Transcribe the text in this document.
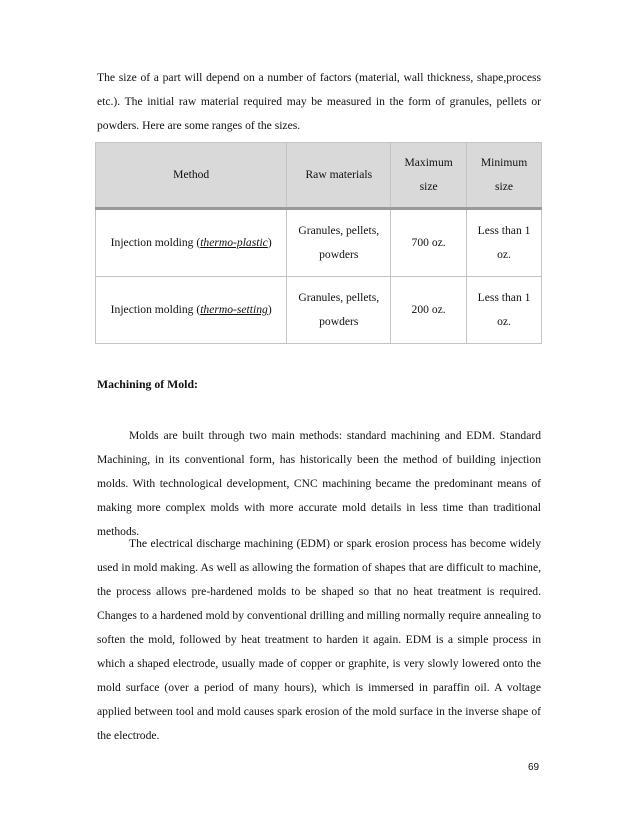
The size of a part will depend on a number of factors (material, wall thickness, shape,process etc.). The initial raw material required may be measured in the form of granules, pellets or powders. Here are some ranges of the sizes.

Method	Raw materials	Maximum size	Minimum size
Injection molding (thermo-plastic)	Granules, pellets, powders	700 oz.	Less than 1 oz.
Injection molding (thermo-setting)	Granules, pellets, powders	200 oz.	Less than 1 oz.
Machining of Mold:

Molds are built through two main methods: standard machining and EDM. Standard Machining, in its conventional form, has historically been the method of building injection molds. With technological development, CNC machining became the predominant means of making more complex molds with more accurate mold details in less time than traditional methods.

The electrical discharge machining (EDM) or spark erosion process has become widely used in mold making. As well as allowing the formation of shapes that are difficult to machine, the process allows pre-hardened molds to be shaped so that no heat treatment is required. Changes to a hardened mold by conventional drilling and milling normally require annealing to soften the mold, followed by heat treatment to harden it again. EDM is a simple process in which a shaped electrode, usually made of copper or graphite, is very slowly lowered onto the mold surface (over a period of many hours), which is immersed in paraffin oil. A voltage applied between tool and mold causes spark erosion of the mold surface in the inverse shape of the electrode.

69
